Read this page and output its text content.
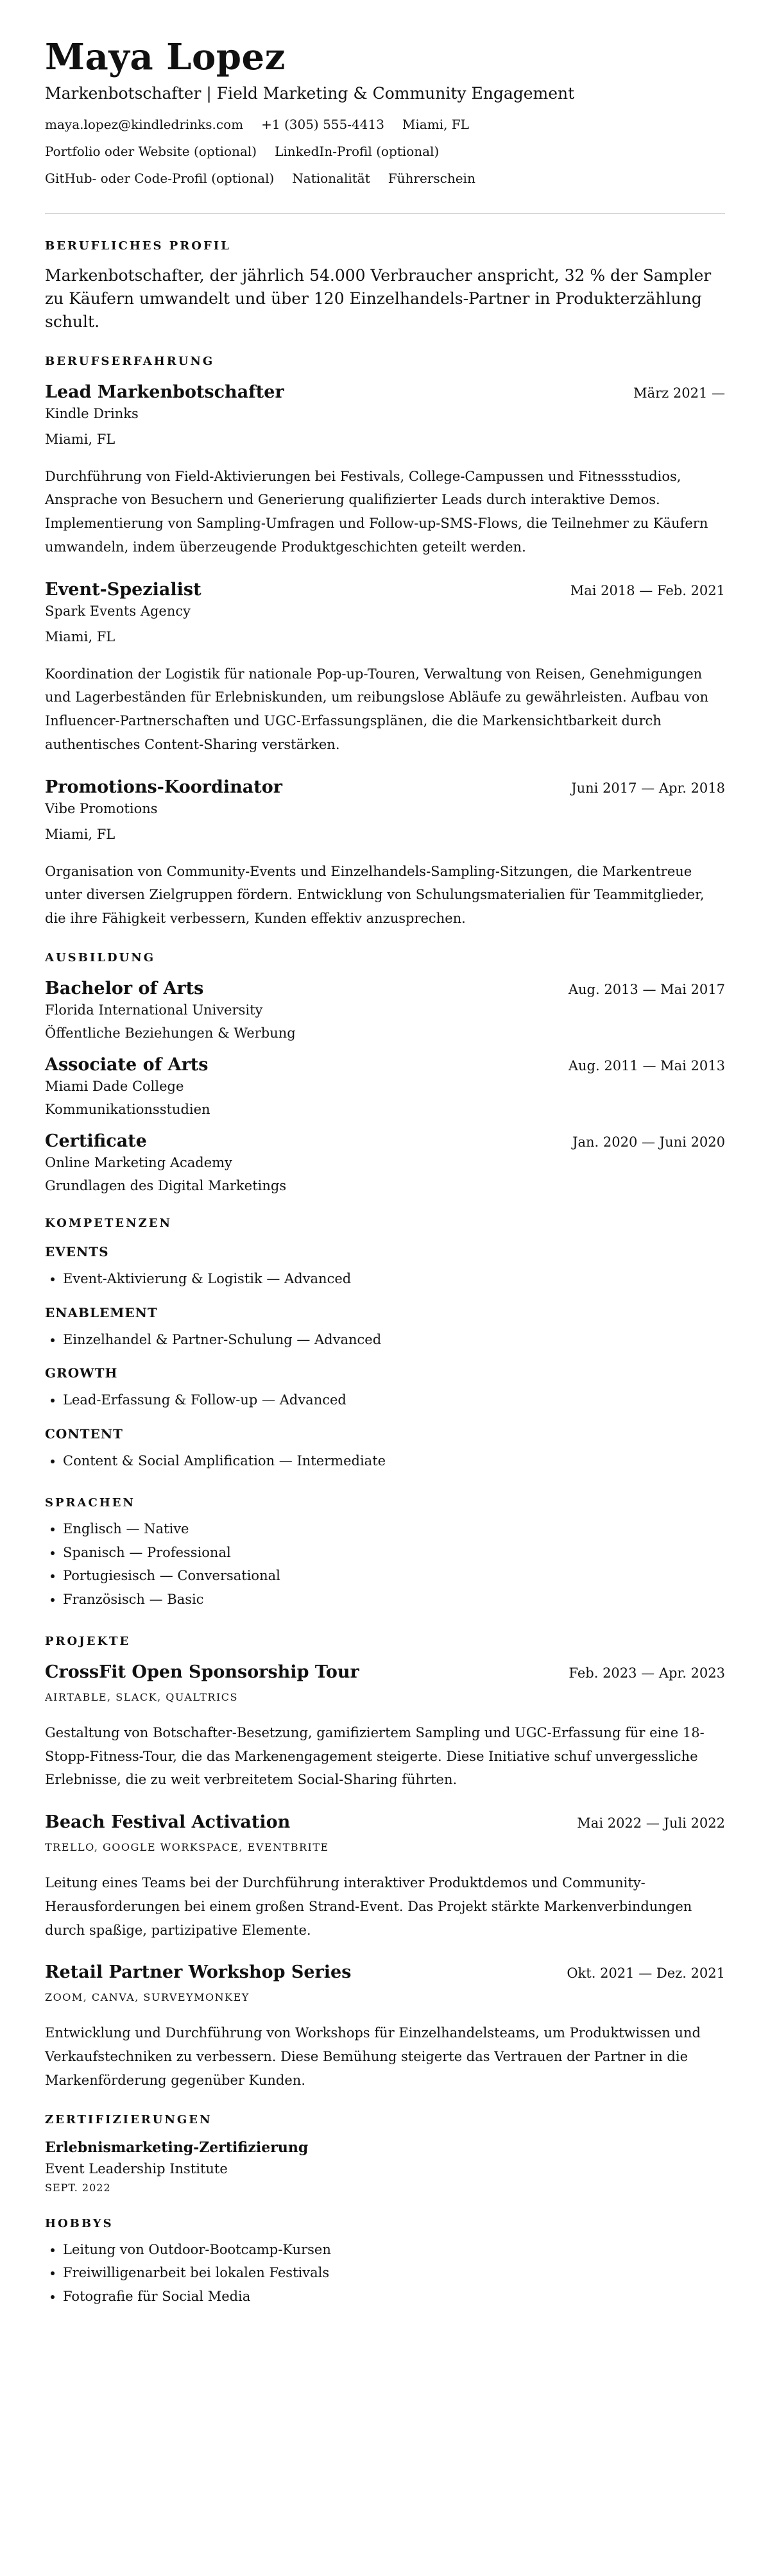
Maya Lopez
Markenbotschafter | Field Marketing & Community Engagement
maya.lopez@kindledrinks.com +1 (305) 555-4413 Miami, FL
Portfolio oder Website (optional) LinkedIn-Profil (optional)
GitHub- oder Code-Profil (optional) Nationalität Führerschein
BERUFLICHES PROFIL
Markenbotschafter, der jährlich 54.000 Verbraucher anspricht, 32 % der Sampler zu Käufern umwandelt und über 120 Einzelhandels-Partner in Produkterzählung schult.
BERUFSERFAHRUNG
Lead Markenbotschafter	März 2021 —
Kindle Drinks
Miami, FL
Durchführung von Field-Aktivierungen bei Festivals, College-Campussen und Fitnessstudios, Ansprache von Besuchern und Generierung qualifizierter Leads durch interaktive Demos. Implementierung von Sampling-Umfragen und Follow-up-SMS-Flows, die Teilnehmer zu Käufern umwandeln, indem überzeugende Produktgeschichten geteilt werden.
Event-Spezialist	Mai 2018 — Feb. 2021
Spark Events Agency
Miami, FL
Koordination der Logistik für nationale Pop-up-Touren, Verwaltung von Reisen, Genehmigungen und Lagerbeständen für Erlebniskunden, um reibungslose Abläufe zu gewährleisten. Aufbau von Influencer-Partnerschaften und UGC-Erfassungsplänen, die die Markensichtbarkeit durch authentisches Content-Sharing verstärken.
Promotions-Koordinator	Juni 2017 — Apr. 2018
Vibe Promotions
Miami, FL
Organisation von Community-Events und Einzelhandels-Sampling-Sitzungen, die Markentreue unter diversen Zielgruppen fördern. Entwicklung von Schulungsmaterialien für Teammitglieder, die ihre Fähigkeit verbessern, Kunden effektiv anzusprechen.
AUSBILDUNG
Bachelor of Arts	Aug. 2013 — Mai 2017
Florida International University
Öffentliche Beziehungen & Werbung
Associate of Arts	Aug. 2011 — Mai 2013
Miami Dade College
Kommunikationsstudien
Certificate	Jan. 2020 — Juni 2020
Online Marketing Academy
Grundlagen des Digital Marketings
KOMPETENZEN
EVENTS
• Event-Aktivierung & Logistik — Advanced
ENABLEMENT
• Einzelhandel & Partner-Schulung — Advanced
GROWTH
• Lead-Erfassung & Follow-up — Advanced
CONTENT
• Content & Social Amplification — Intermediate
SPRACHEN
• Englisch — Native
• Spanisch — Professional
• Portugiesisch — Conversational
• Französisch — Basic
PROJEKTE
CrossFit Open Sponsorship Tour	Feb. 2023 — Apr. 2023
AIRTABLE, SLACK, QUALTRICS
Gestaltung von Botschafter-Besetzung, gamifiziertem Sampling und UGC-Erfassung für eine 18-Stopp-Fitness-Tour, die das Markenengagement steigerte. Diese Initiative schuf unvergessliche Erlebnisse, die zu weit verbreitetem Social-Sharing führten.
Beach Festival Activation	Mai 2022 — Juli 2022
TRELLO, GOOGLE WORKSPACE, EVENTBRITE
Leitung eines Teams bei der Durchführung interaktiver Produktdemos und Community-Herausforderungen bei einem großen Strand-Event. Das Projekt stärkte Markenverbindungen durch spaßige, partizipative Elemente.
Retail Partner Workshop Series	Okt. 2021 — Dez. 2021
ZOOM, CANVA, SURVEYMONKEY
Entwicklung und Durchführung von Workshops für Einzelhandelsteams, um Produktwissen und Verkaufstechniken zu verbessern. Diese Bemühung steigerte das Vertrauen der Partner in die Markenförderung gegenüber Kunden.
ZERTIFIZIERUNGEN
Erlebnismarketing-Zertifizierung
Event Leadership Institute
SEPT. 2022
HOBBYS
• Leitung von Outdoor-Bootcamp-Kursen
• Freiwilligenarbeit bei lokalen Festivals
• Fotografie für Social Media
